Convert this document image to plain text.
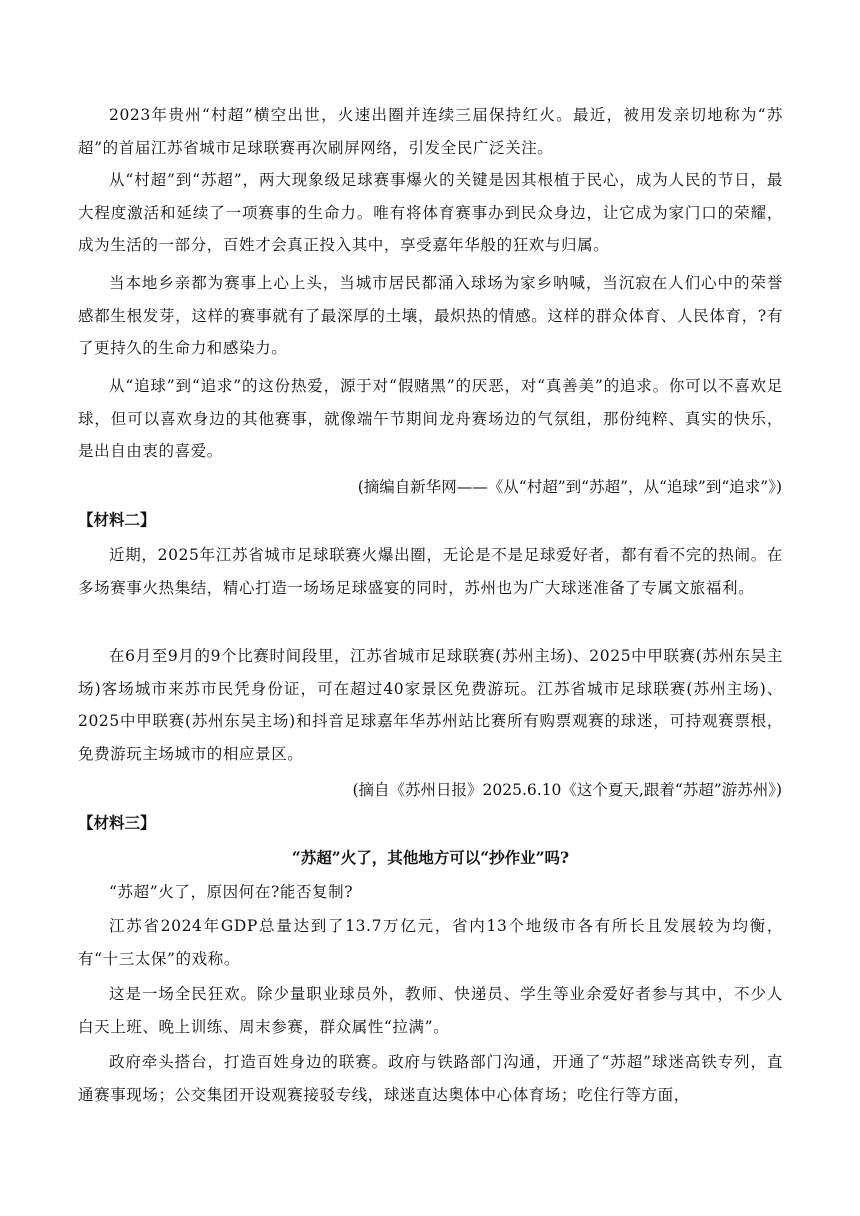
2023年贵州“村超”横空出世，火速出圈并连续三届保持红火。最近，被用发亲切地称为“苏超”的首届江苏省城市足球联赛再次刷屏网络，引发全民广泛关注。

从“村超”到“苏超”，两大现象级足球赛事爆火的关键是因其根植于民心，成为人民的节日，最大程度激活和延续了一项赛事的生命力。唯有将体育赛事办到民众身边，让它成为家门口的荣耀，成为生活的一部分，百姓才会真正投入其中，享受嘉年华般的狂欢与归属。

当本地乡亲都为赛事上心上头，当城市居民都涌入球场为家乡呐喊，当沉寂在人们心中的荣誉感都生根发芽，这样的赛事就有了最深厚的土壤，最炽热的情感。这样的群众体育、人民体育，?有了更持久的生命力和感染力。

从“追球”到“追求”的这份热爱，源于对“假赌黑”的厌恶，对“真善美”的追求。你可以不喜欢足球，但可以喜欢身边的其他赛事，就像端午节期间龙舟赛场边的气氛组，那份纯粹、真实的快乐，是出自由衷的喜爱。

(摘编自新华网——《从“村超”到“苏超”，从“追球”到“追求”》)

【材料二】

近期，2025年江苏省城市足球联赛火爆出圈，无论是不是足球爱好者，都有看不完的热闹。在多场赛事火热集结，精心打造一场场足球盛宴的同时，苏州也为广大球迷准备了专属文旅福利。

在6月至9月的9个比赛时间段里，江苏省城市足球联赛(苏州主场)、2025中甲联赛(苏州东吴主场)客场城市来苏市民凭身份证，可在超过40家景区免费游玩。江苏省城市足球联赛(苏州主场)、2025中甲联赛(苏州东吴主场)和抖音足球嘉年华苏州站比赛所有购票观赛的球迷，可持观赛票根，免费游玩主场城市的相应景区。

(摘自《苏州日报》2025.6.10《这个夏天,跟着“苏超”游苏州》)

【材料三】

“苏超”火了，其他地方可以“抄作业”吗?

“苏超”火了，原因何在?能否复制?

江苏省2024年GDP总量达到了13.7万亿元，省内13个地级市各有所长且发展较为均衡，有“十三太保”的戏称。

这是一场全民狂欢。除少量职业球员外，教师、快递员、学生等业余爱好者参与其中，不少人白天上班、晚上训练、周末参赛，群众属性“拉满”。

政府牵头搭台，打造百姓身边的联赛。政府与铁路部门沟通，开通了“苏超”球迷高铁专列，直通赛事现场；公交集团开设观赛接驳专线，球迷直达奥体中心体育场；吃住行等方面，
